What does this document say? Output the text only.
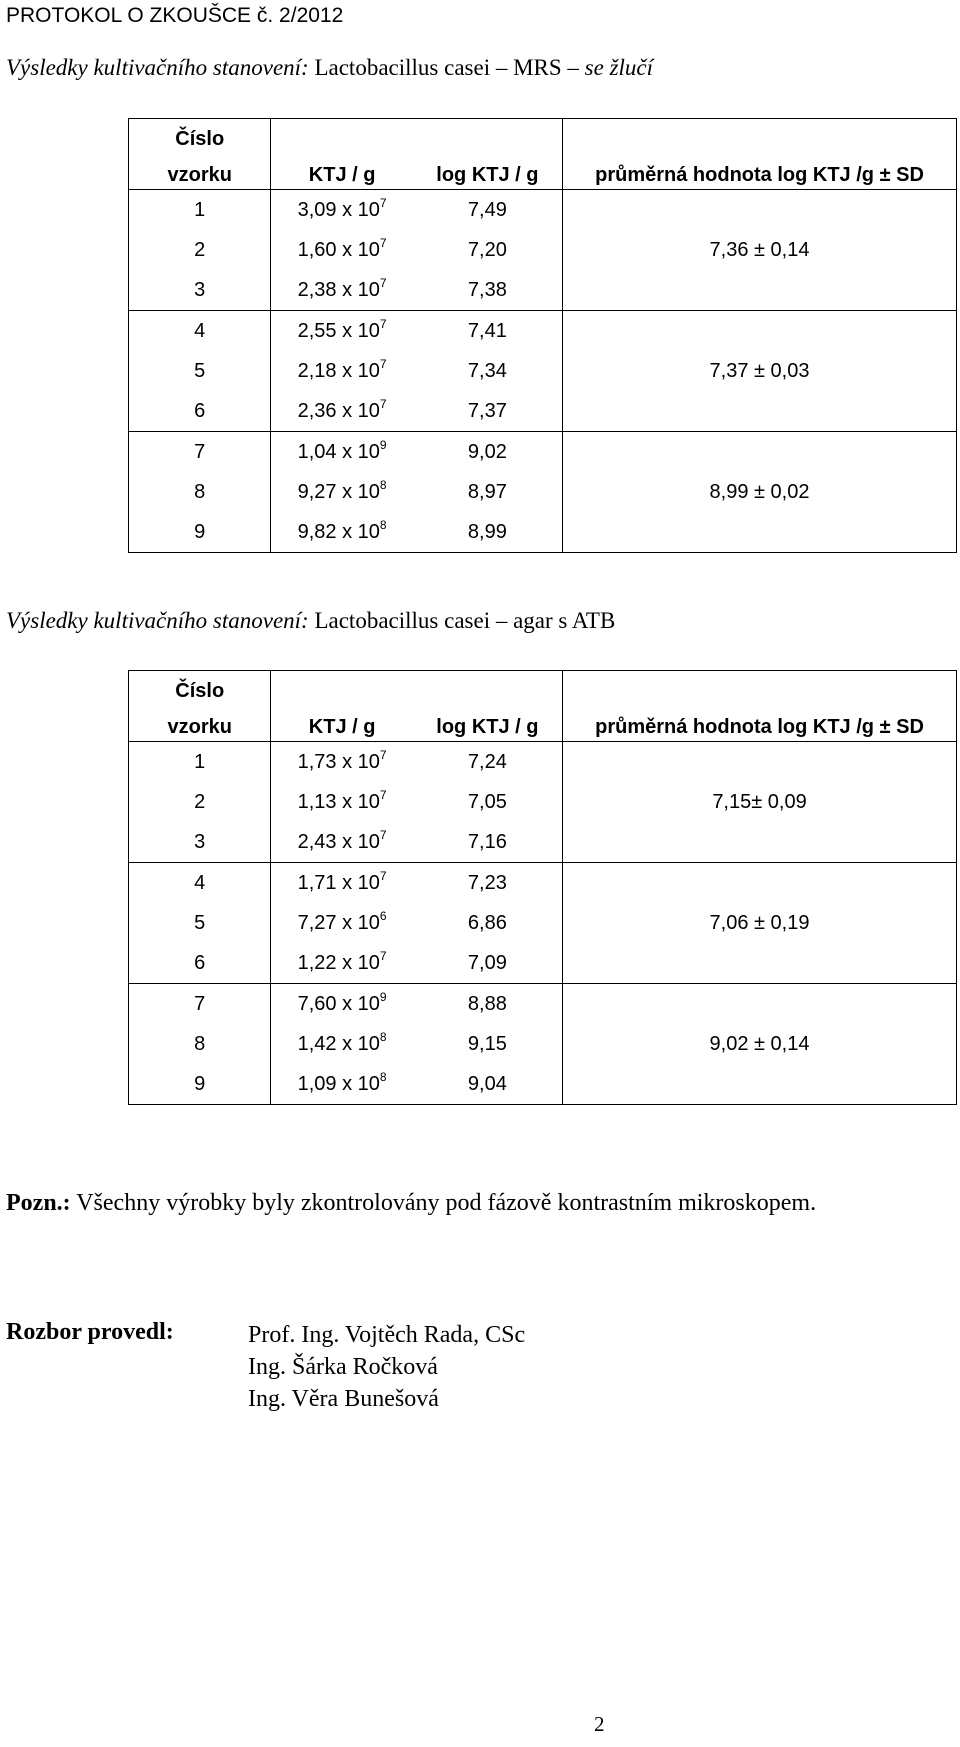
PROTOKOL O ZKOUŠCE č. 2/2012
Výsledky kultivačního stanovení: Lactobacillus casei – MRS – se žlučí
Číslo			
vzorku	KTJ / g	log KTJ / g	průměrná hodnota log KTJ /g ± SD
1	3,09 x $10^7$	7,49	
2	1,60 x $10^7$	7,20	7,36 ± 0,14
3	2,38 x $10^7$	7,38	
4	2,55 x $10^7$	7,41	
5	2,18 x $10^7$	7,34	7,37 ± 0,03
6	2,36 x $10^7$	7,37	
7	1,04 x $10^9$	9,02	
8	9,27 x $10^8$	8,97	8,99 ± 0,02
9	9,82 x $10^8$	8,99	
Výsledky kultivačního stanovení: Lactobacillus casei – agar s ATB
Číslo			
vzorku	KTJ / g	log KTJ / g	průměrná hodnota log KTJ /g ± SD
1	1,73 x $10^7$	7,24	
2	1,13 x $10^7$	7,05	7,15± 0,09
3	2,43 x $10^7$	7,16	
4	1,71 x $10^7$	7,23	
5	7,27 x $10^6$	6,86	7,06 ± 0,19
6	1,22 x $10^7$	7,09	
7	7,60 x $10^9$	8,88	
8	1,42 x $10^8$	9,15	9,02 ± 0,14
9	1,09 x $10^8$	9,04	
Pozn.: Všechny výrobky byly zkontrolovány pod fázově kontrastním mikroskopem.
Rozbor provedl:	Prof. Ing. Vojtěch Rada, CSc
Ing. Šárka Ročková
Ing. Věra Bunešová
2
